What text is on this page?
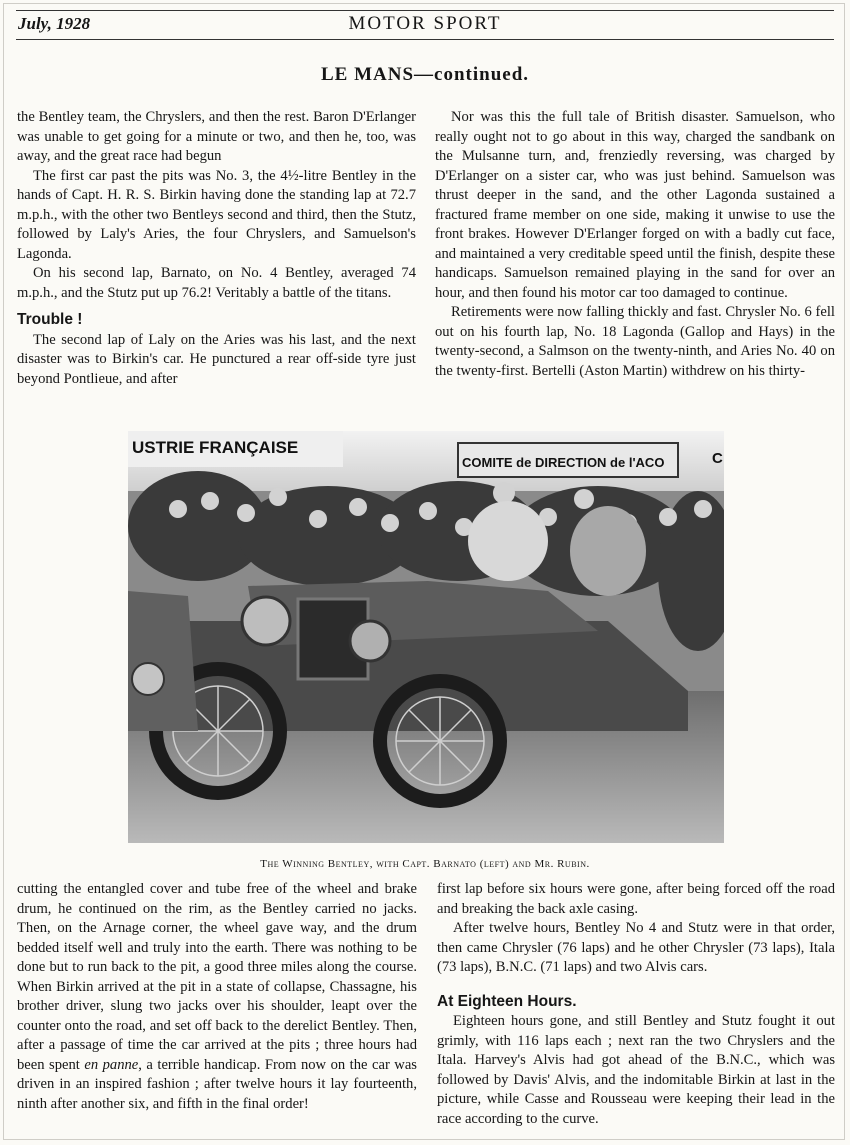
July, 1928	MOTOR SPORT
LE MANS—continued.

the Bentley team, the Chryslers, and then the rest. Baron D'Erlanger was unable to get going for a minute or two, and then he, too, was away, and the great race had begun

The first car past the pits was No. 3, the 4½-litre Bentley in the hands of Capt. H. R. S. Birkin having done the standing lap at 72.7 m.p.h., with the other two Bentleys second and third, then the Stutz, followed by Laly's Aries, the four Chryslers, and Samuelson's Lagonda.

On his second lap, Barnato, on No. 4 Bentley, averaged 74 m.p.h., and the Stutz put up 76.2! Veritably a battle of the titans.

Trouble !

The second lap of Laly on the Aries was his last, and the next disaster was to Birkin's car. He punctured a rear off-side tyre just beyond Pontlieue, and after

Nor was this the full tale of British disaster. Samuelson, who really ought not to go about in this way, charged the sandbank on the Mulsanne turn, and, frenziedly reversing, was charged by D'Erlanger on a sister car, who was just behind. Samuelson was thrust deeper in the sand, and the other Lagonda sustained a fractured frame member on one side, making it unwise to use the front brakes. However D'Erlanger forged on with a badly cut face, and maintained a very creditable speed until the finish, despite these handicaps. Samuelson remained playing in the sand for over an hour, and then found his motor car too damaged to continue.

Retirements were now falling thickly and fast. Chrysler No. 6 fell out on his fourth lap, No. 18 Lagonda (Gallop and Hays) in the twenty-second, a Salmson on the twenty-ninth, and Aries No. 40 on the twenty-first. Bertelli (Aston Martin) withdrew on his thirty-

USTRIE FRANÇAISE
COMITE de DIRECTION de l'ACO	C
The Winning Bentley, with Capt. Barnato (left) and Mr. Rubin.

cutting the entangled cover and tube free of the wheel and brake drum, he continued on the rim, as the Bentley carried no jacks. Then, on the Arnage corner, the wheel gave way, and the drum bedded itself well and truly into the earth. There was nothing to be done but to run back to the pit, a good three miles along the course. When Birkin arrived at the pit in a state of collapse, Chassagne, his brother driver, slung two jacks over his shoulder, leapt over the counter onto the road, and set off back to the derelict Bentley. Then, after a passage of time the car arrived at the pits ; three hours had been spent en panne, a terrible handicap. From now on the car was driven in an inspired fashion ; after twelve hours it lay fourteenth, ninth after another six, and fifth in the final order!

first lap before six hours were gone, after being forced off the road and breaking the back axle casing.

After twelve hours, Bentley No 4 and Stutz were in that order, then came Chrysler (76 laps) and he other Chrysler (73 laps), Itala (73 laps), B.N.C. (71 laps) and two Alvis cars.

At Eighteen Hours.

Eighteen hours gone, and still Bentley and Stutz fought it out grimly, with 116 laps each ; next ran the two Chryslers and the Itala. Harvey's Alvis had got ahead of the B.N.C., which was followed by Davis' Alvis, and the indomitable Birkin at last in the picture, while Casse and Rousseau were keeping their lead in the race according to the curve.
